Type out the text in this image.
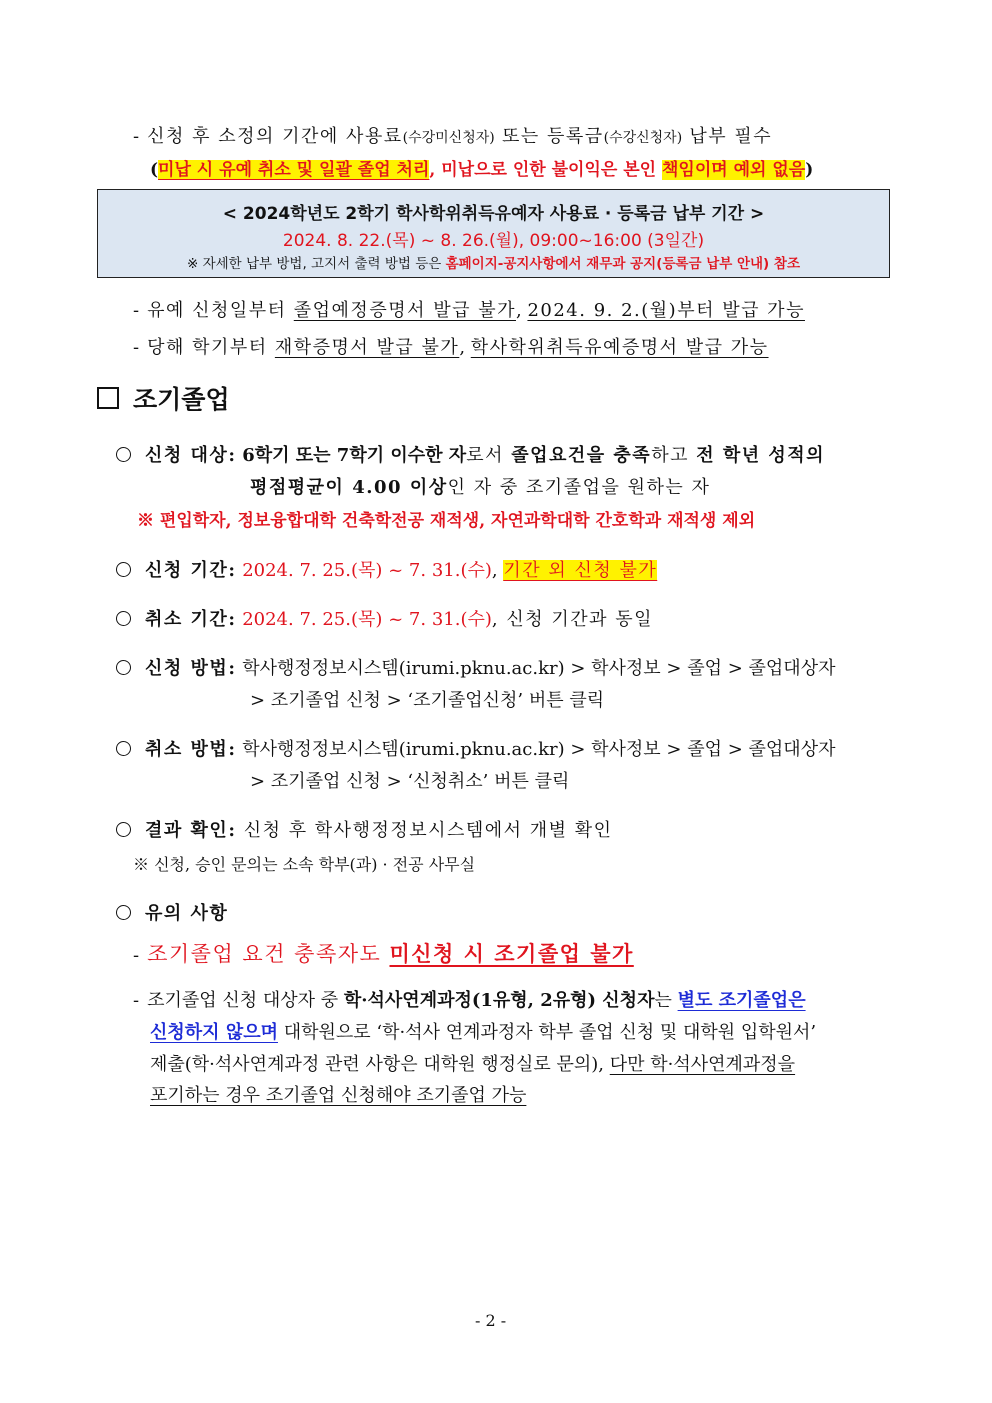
- 신청 후 소정의 기간에 사용료(수강미신청자) 또는 등록금(수강신청자) 납부 필수
(미납 시 유예 취소 및 일괄 졸업 처리, 미납으로 인한 불이익은 본인 책임이며 예외 없음)
< 2024학년도 2학기 학사학위취득유예자 사용료 · 등록금 납부 기간 >
2024. 8. 22.(목) ~ 8. 26.(월), 09:00~16:00 (3일간)
※ 자세한 납부 방법, 고지서 출력 방법 등은 홈페이지-공지사항에서 재무과 공지(등록금 납부 안내) 참조
- 유예 신청일부터 졸업예정증명서 발급 불가, 2024. 9. 2.(월)부터 발급 가능
- 당해 학기부터 재학증명서 발급 불가, 학사학위취득유예증명서 발급 가능
조기졸업
신청 대상: 6학기 또는 7학기 이수한 자로서 졸업요건을 충족하고 전 학년 성적의
평점평균이 4.00 이상인 자 중 조기졸업을 원하는 자
※ 편입학자, 정보융합대학 건축학전공 재적생, 자연과학대학 간호학과 재적생 제외
신청 기간: 2024. 7. 25.(목) ~ 7. 31.(수), 기간 외 신청 불가
취소 기간: 2024. 7. 25.(목) ~ 7. 31.(수), 신청 기간과 동일
신청 방법: 학사행정정보시스템(irumi.pknu.ac.kr) > 학사정보 > 졸업 > 졸업대상자
> 조기졸업 신청 > ‘조기졸업신청’ 버튼 클릭
취소 방법: 학사행정정보시스템(irumi.pknu.ac.kr) > 학사정보 > 졸업 > 졸업대상자
> 조기졸업 신청 > ‘신청취소’ 버튼 클릭
결과 확인: 신청 후 학사행정정보시스템에서 개별 확인
※ 신청, 승인 문의는 소속 학부(과) · 전공 사무실
유의 사항
- 조기졸업 요건 충족자도 미신청 시 조기졸업 불가
- 조기졸업 신청 대상자 중 학·석사연계과정(1유형, 2유형) 신청자는 별도 조기졸업은
신청하지 않으며 대학원으로 ‘학·석사 연계과정자 학부 졸업 신청 및 대학원 입학원서’
제출(학·석사연계과정 관련 사항은 대학원 행정실로 문의), 다만 학·석사연계과정을
포기하는 경우 조기졸업 신청해야 조기졸업 가능
- 2 -
